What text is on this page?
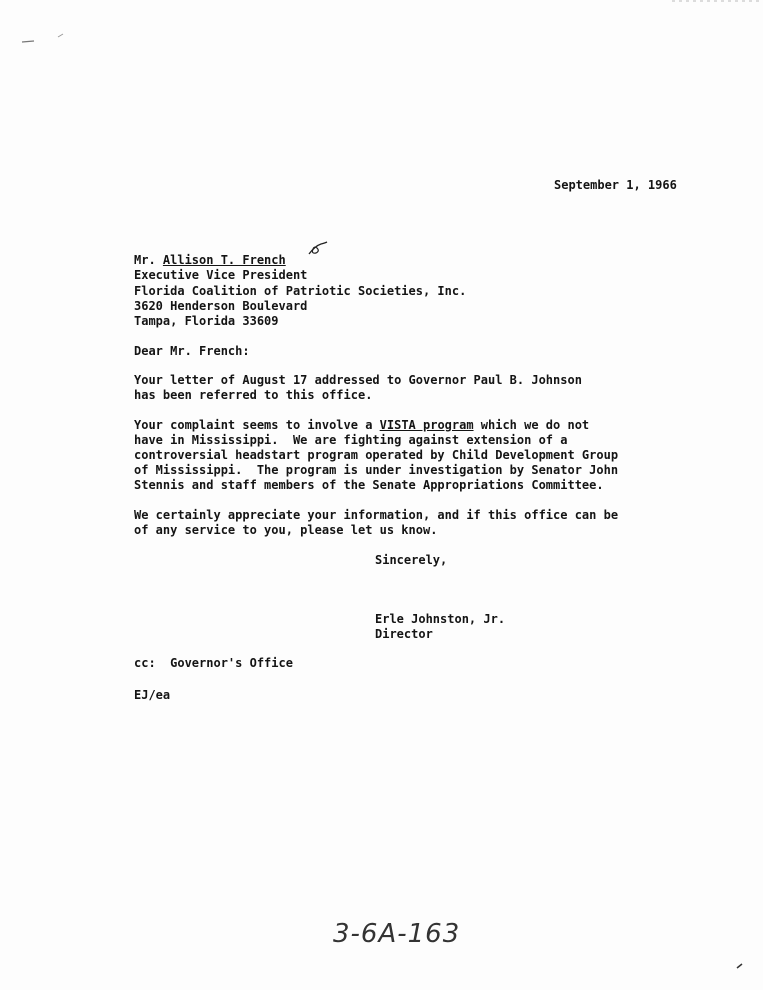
September 1, 1966
Mr. Allison T. French
Executive Vice President
Florida Coalition of Patriotic Societies, Inc.
3620 Henderson Boulevard
Tampa, Florida 33609
Dear Mr. French:
Your letter of August 17 addressed to Governor Paul B. Johnson
has been referred to this office.
Your complaint seems to involve a VISTA program which we do not
have in Mississippi.  We are fighting against extension of a
controversial headstart program operated by Child Development Group
of Mississippi.  The program is under investigation by Senator John
Stennis and staff members of the Senate Appropriations Committee.
We certainly appreciate your information, and if this office can be
of any service to you, please let us know.
Sincerely,
Erle Johnston, Jr.
Director
cc:  Governor's Office
EJ/ea
3-6A-163
